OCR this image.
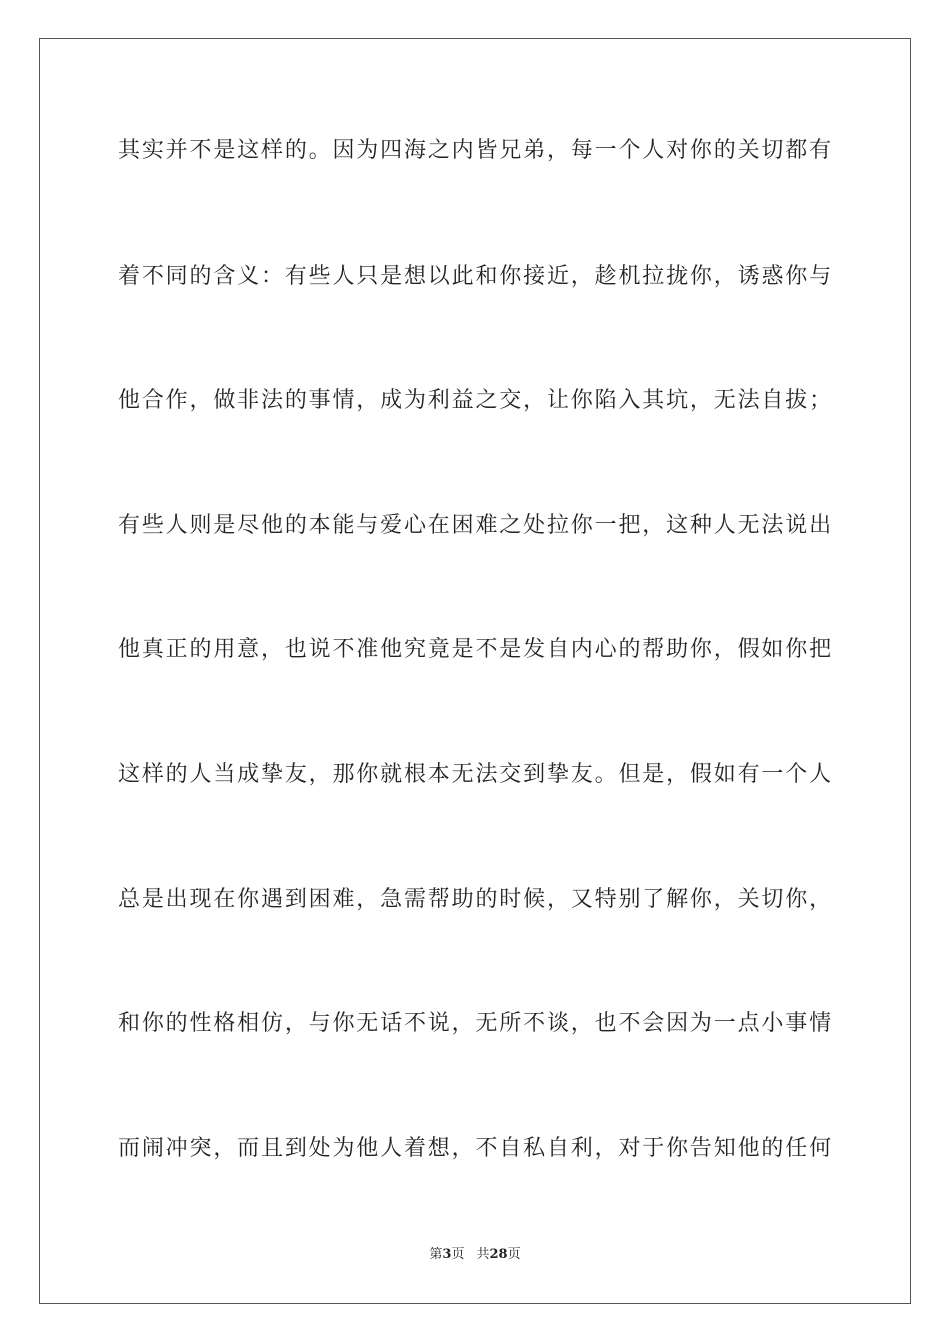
其实并不是这样的。因为四海之内皆兄弟，每一个人对你的关切都有
着不同的含义：有些人只是想以此和你接近，趁机拉拢你，诱惑你与
他合作，做非法的事情，成为利益之交，让你陷入其坑，无法自拔；
有些人则是尽他的本能与爱心在困难之处拉你一把，这种人无法说出
他真正的用意，也说不准他究竟是不是发自内心的帮助你，假如你把
这样的人当成挚友，那你就根本无法交到挚友。但是，假如有一个人
总是出现在你遇到困难，急需帮助的时候，又特别了解你，关切你，
和你的性格相仿，与你无话不说，无所不谈，也不会因为一点小事情
而闹冲突，而且到处为他人着想，不自私自利，对于你告知他的任何
第3页 共28页
